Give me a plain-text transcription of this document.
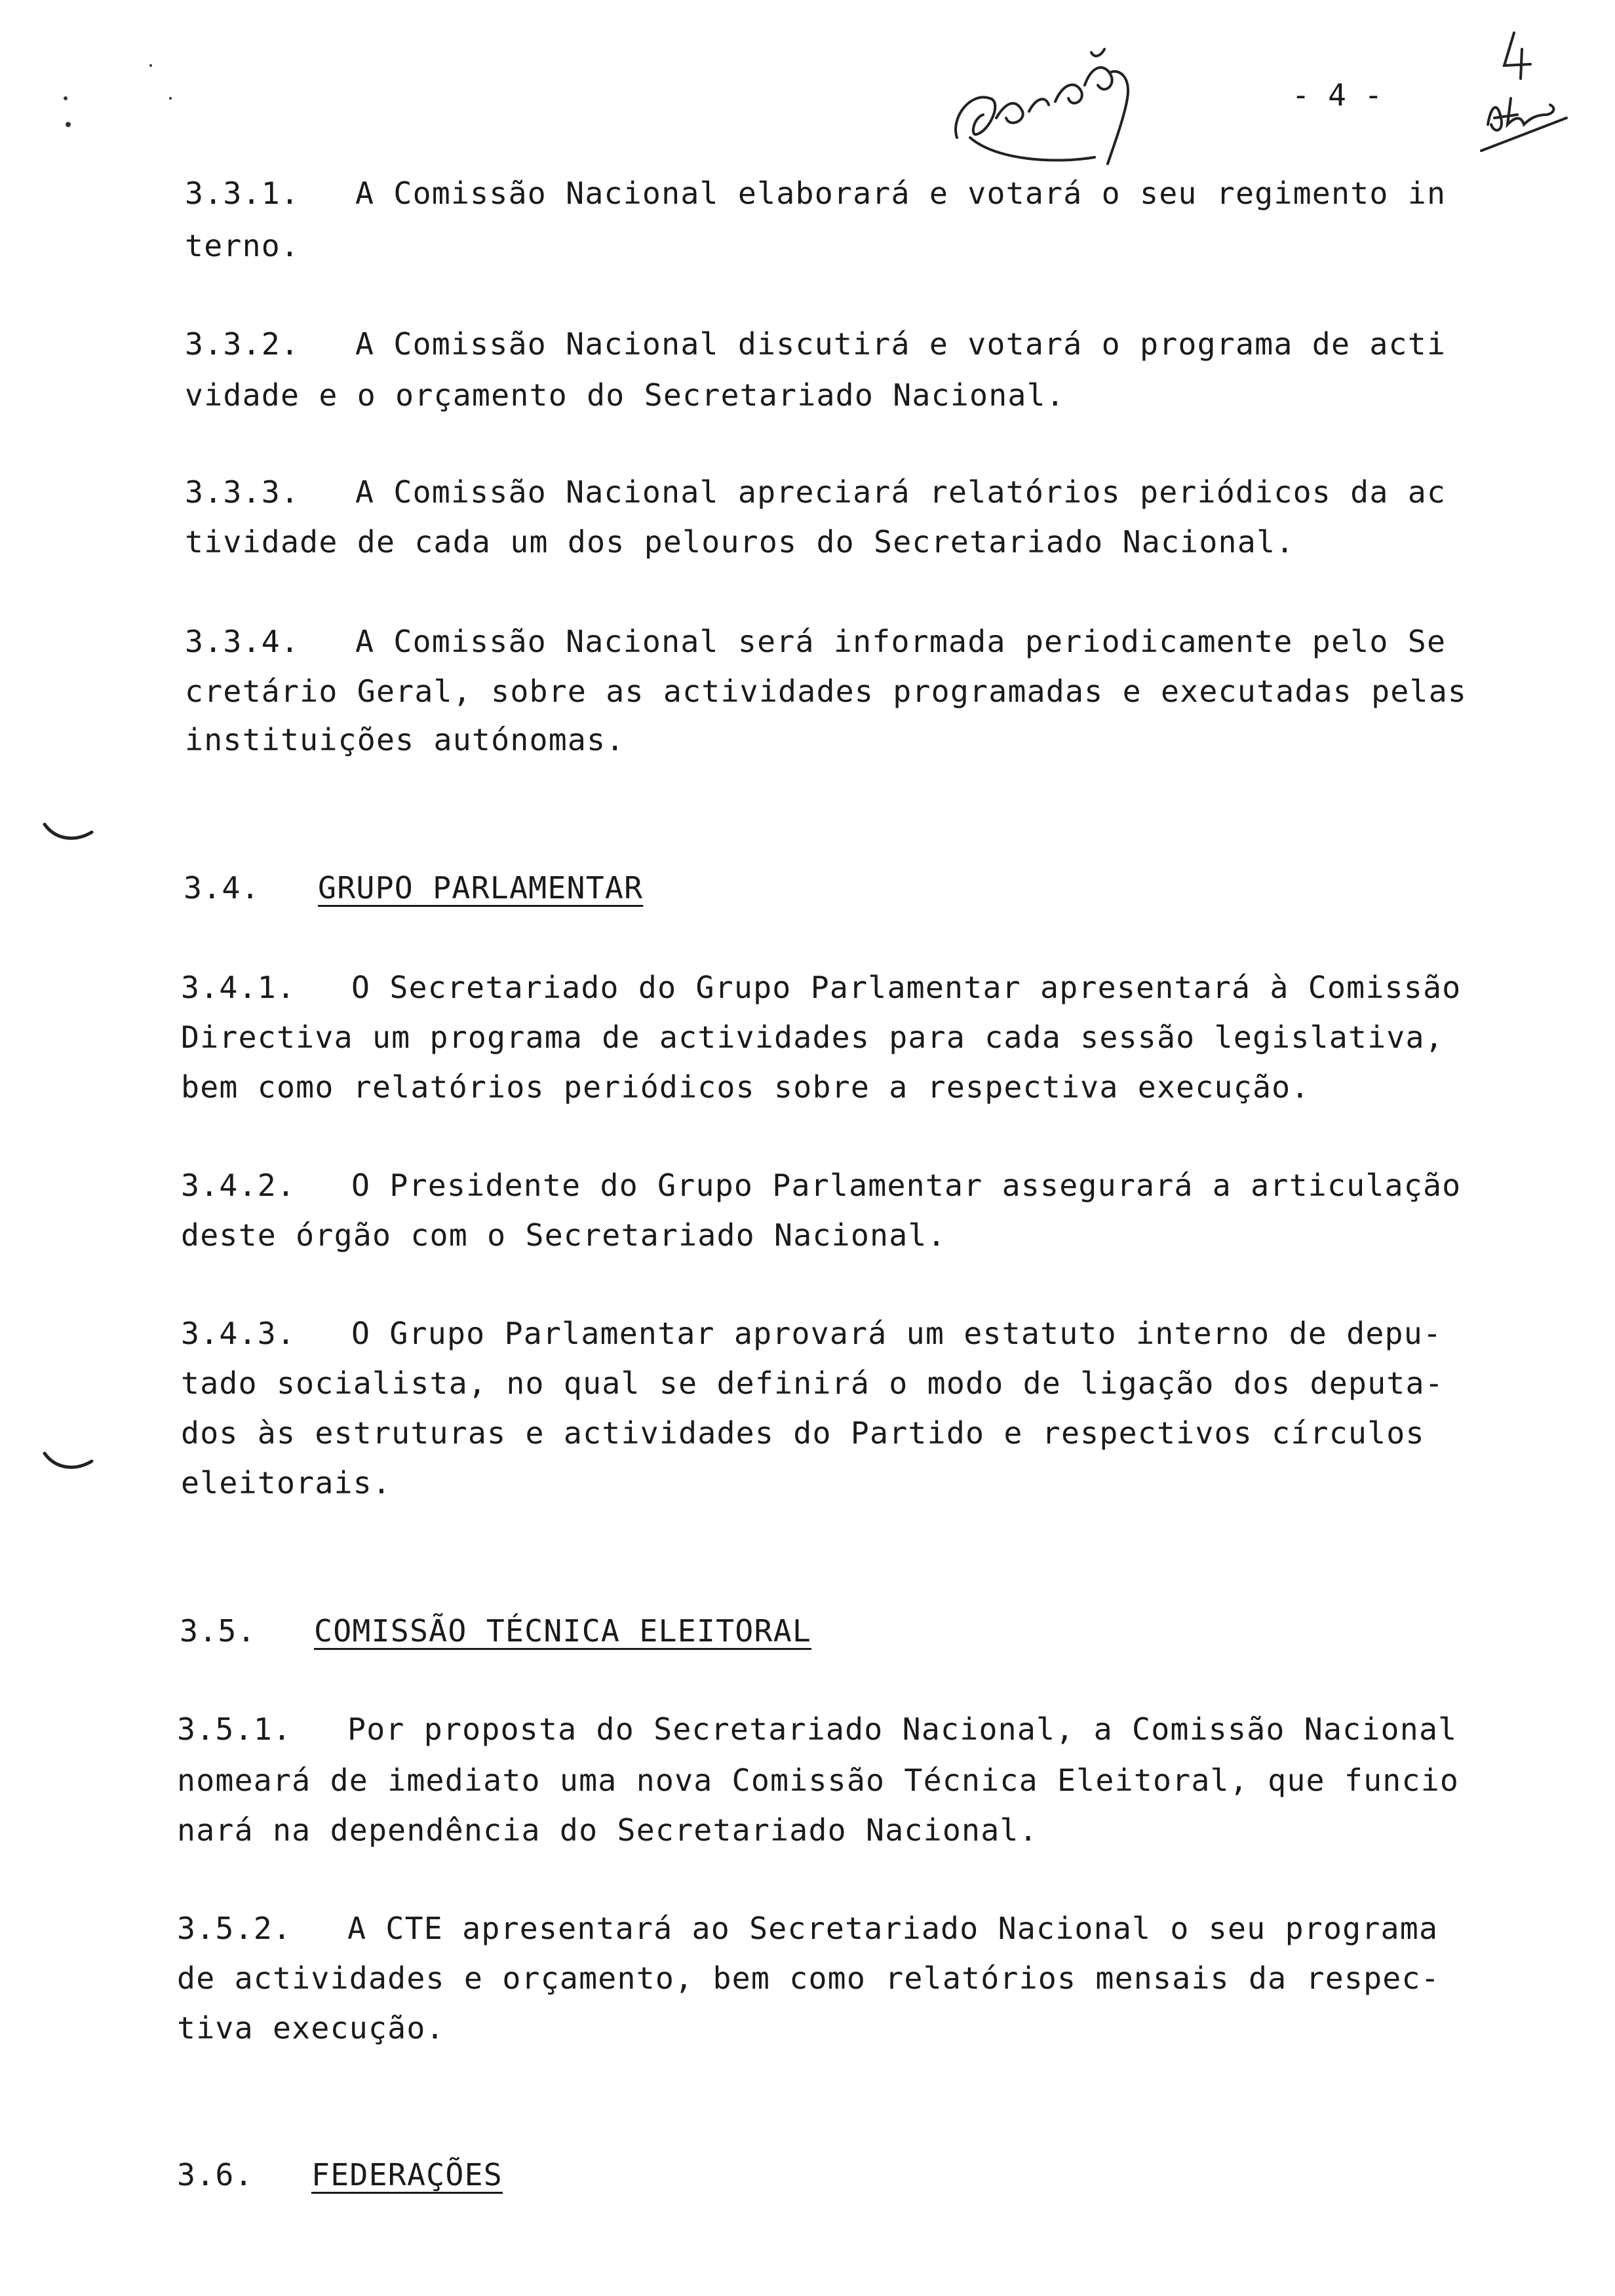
- 4 -
3.3.1. A Comissão Nacional elaborará e votará o seu regimento in
terno.
3.3.2. A Comissão Nacional discutirá e votará o programa de acti
vidade e o orçamento do Secretariado Nacional.
3.3.3. A Comissão Nacional apreciará relatórios periódicos da ac
tividade de cada um dos pelouros do Secretariado Nacional.
3.3.4. A Comissão Nacional será informada periodicamente pelo Se
cretário Geral, sobre as actividades programadas e executadas pelas
instituições autónomas.
3.4. GRUPO PARLAMENTAR
3.4.1. O Secretariado do Grupo Parlamentar apresentará à Comissão
Directiva um programa de actividades para cada sessão legislativa,
bem como relatórios periódicos sobre a respectiva execução.
3.4.2. O Presidente do Grupo Parlamentar assegurará a articulação
deste órgão com o Secretariado Nacional.
3.4.3. O Grupo Parlamentar aprovará um estatuto interno de depu-
tado socialista, no qual se definirá o modo de ligação dos deputa-
dos às estruturas e actividades do Partido e respectivos círculos
eleitorais.
3.5. COMISSÃO TÉCNICA ELEITORAL
3.5.1. Por proposta do Secretariado Nacional, a Comissão Nacional
nomeará de imediato uma nova Comissão Técnica Eleitoral, que funcio
nará na dependência do Secretariado Nacional.
3.5.2. A CTE apresentará ao Secretariado Nacional o seu programa
de actividades e orçamento, bem como relatórios mensais da respec-
tiva execução.
3.6. FEDERAÇÕES
